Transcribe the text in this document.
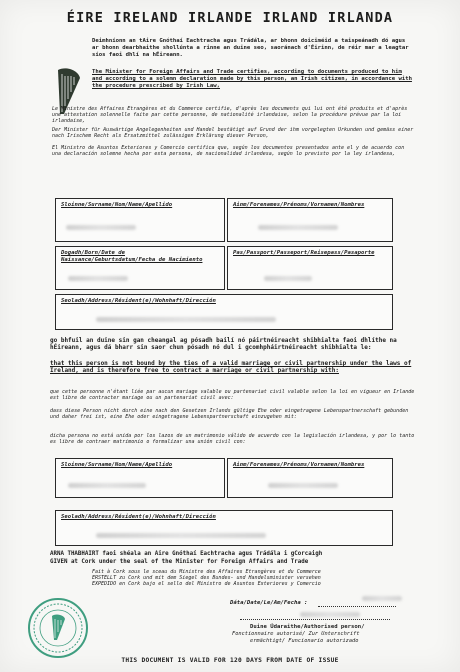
ÉIRE IRELAND IRLANDE IRLAND IRLANDA
Deimhníonn an tAire Gnóthaí Eachtracha agus Trádála, ar bhonn doiciméid a taispeánadh dó agus ar bhonn dearbhaithe shollúnta a rinne an duine seo, saoránach d'Éirinn, de réir mar a leagtar síos faoi dhlí na hÉireann.
The Minister for Foreign Affairs and Trade certifies, according to documents produced to him and according to a solemn declaration made by this person, an Irish citizen, in accordance with the procedure prescribed by Irish Law,
Le Ministre des Affaires Etrangères et du Commerce certifie, d'après les documents qui lui ont été produits et d'après une attestation solennelle faite par cette personne, de nationalité irlandaise, selon la procédure prévue par la loi irlandaise,
Der Minister für Auswärtige Angelegenheiten und Handel bestätigt auf Grund der ihm vorgelegten Urkunden und gemäss einer nach Irischem Recht als Ersatzmittel zulässigen Erklärung dieser Person,
El Ministro de Asuntos Exteriores y Comercio certifica que, según los documentos presentados ante el y de acuerdo con una declaración solemne hecha por esta persona, de nacionalidad irlandesa, según lo previsto por la ley irlandesa,
Sloinne/Surname/Nom/Name/Apellido	Ainm/Forenames/Prénoms/Vornamen/Nombres
Dogadh/Born/Date de Naissance/Geburtsdatum/Fecha de Nacimiento
Pas/Passport/Passeport/Reisepass/Pasaporte
Seoladh/Address/Résident(e)/Wohnhaft/Dirección
go bhfuil an duine sin gan cheangal ag pósadh bailí nó páirtnéireacht shibhialta faoi dhlíthe na hÉireann, agus dá bharr sin saor chun pósadh nó dul i gcomhpháirtnéireacht shibhialta le:
that this person is not bound by the ties of a valid marriage or civil partnership under the laws of Ireland, and is therefore free to contract a marriage or civil partnership with:
que cette personne n'étant liée par aucun mariage valable ou partenariat civil valable selon la loi en vigueur en Irlande est libre de contracter mariage ou un partenariat civil avec:
dass diese Person nicht durch eine nach den Gesetzen Irlands gültige Ehe oder eingetragene Lebenspartnerschaft gebunden und daher frei ist, eine Ehe oder eingetragene Lebenspartnerschaft einzugehen mit:
dicha persona no está unida por los lazos de un matrimonio válido de acuerdo con la legislación irlandesa, y por lo tanto es libre de contraer matrimonio o formalizar una unión civil con:
Sloinne/Surname/Nom/Name/Apellido	Ainm/Forenames/Prénoms/Vornamen/Nombres
Seoladh/Address/Résident(e)/Wohnhaft/Dirección
ARNA THABHAIRT faoi shéala an Aire Gnóthaí Eachtracha agus Trádála i gCorcaigh
GIVEN at Cork under the seal of the Minister for Foreign Affairs and Trade
Fait à Cork sous le sceau du Ministre des Affaires Etrangères et du Commerce
ERSTELLT zu Cork und mit dem Siegel des Bundes- und Handelsminister versehen
EXPEDIDO en Cork bajo el sello del Ministro de Asuntos Exteriores y Comercio
Dáta/Date/Le/Am/Fecha :
Duine Údaraithe/Authorised person/
Fonctionnaire autorisé/ Zur Unterschrift
ermächtigt/ Funcionario autorizado
THIS DOCUMENT IS VALID FOR 120 DAYS FROM DATE OF ISSUE
